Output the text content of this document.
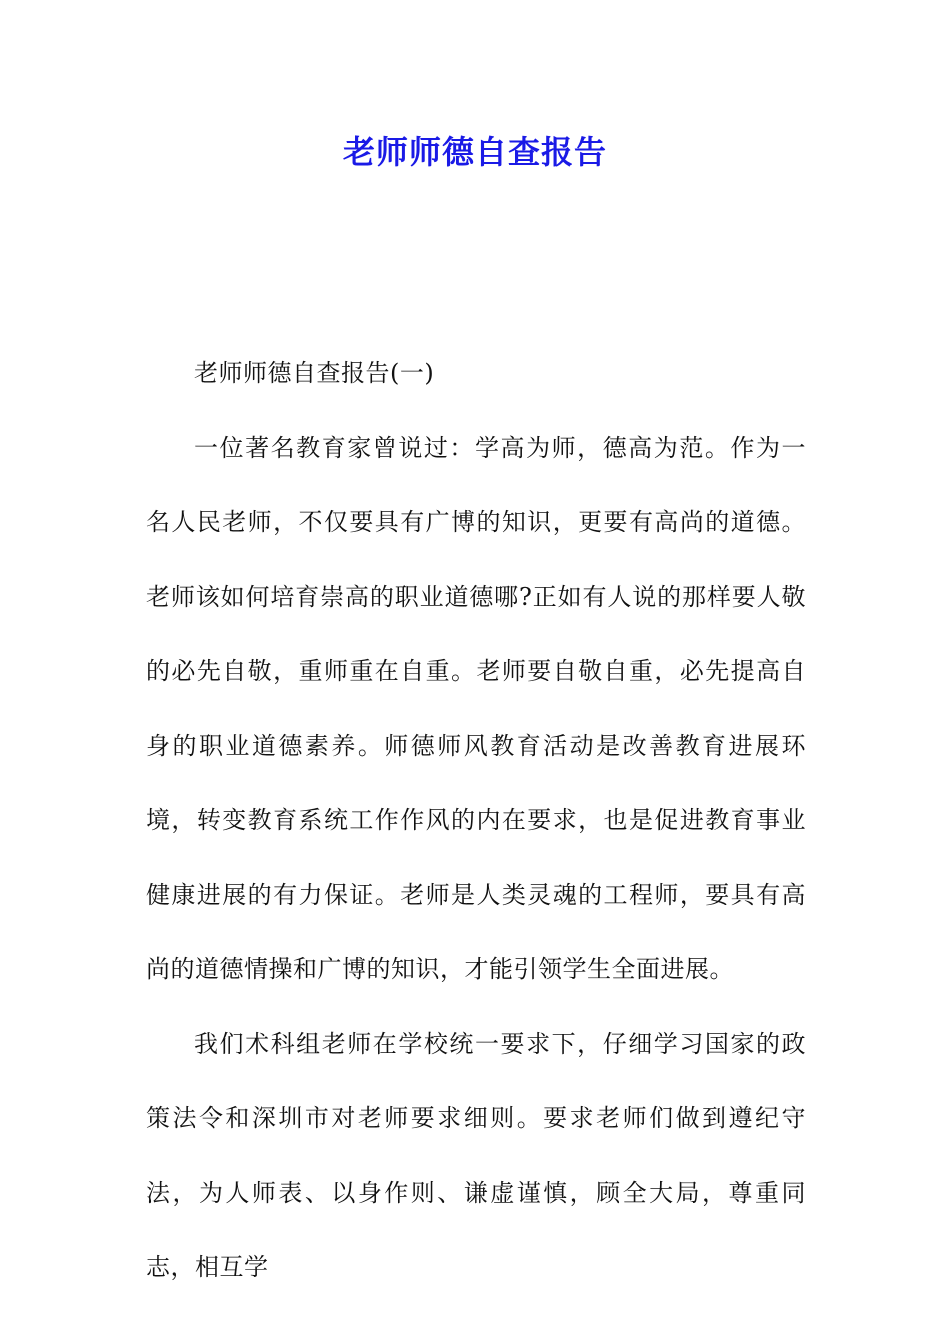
老师师德自查报告

老师师德自查报告(一)

一位著名教育家曾说过：学高为师，德高为范。作为一名人民老师，不仅要具有广博的知识，更要有高尚的道德。老师该如何培育崇高的职业道德哪?正如有人说的那样要人敬的必先自敬，重师重在自重。老师要自敬自重，必先提高自身的职业道德素养。师德师风教育活动是改善教育进展环境，转变教育系统工作作风的内在要求，也是促进教育事业健康进展的有力保证。老师是人类灵魂的工程师，要具有高尚的道德情操和广博的知识，才能引领学生全面进展。

我们术科组老师在学校统一要求下，仔细学习国家的政策法令和深圳市对老师要求细则。要求老师们做到遵纪守法，为人师表、以身作则、谦虚谨慎，顾全大局，尊重同志，相互学
